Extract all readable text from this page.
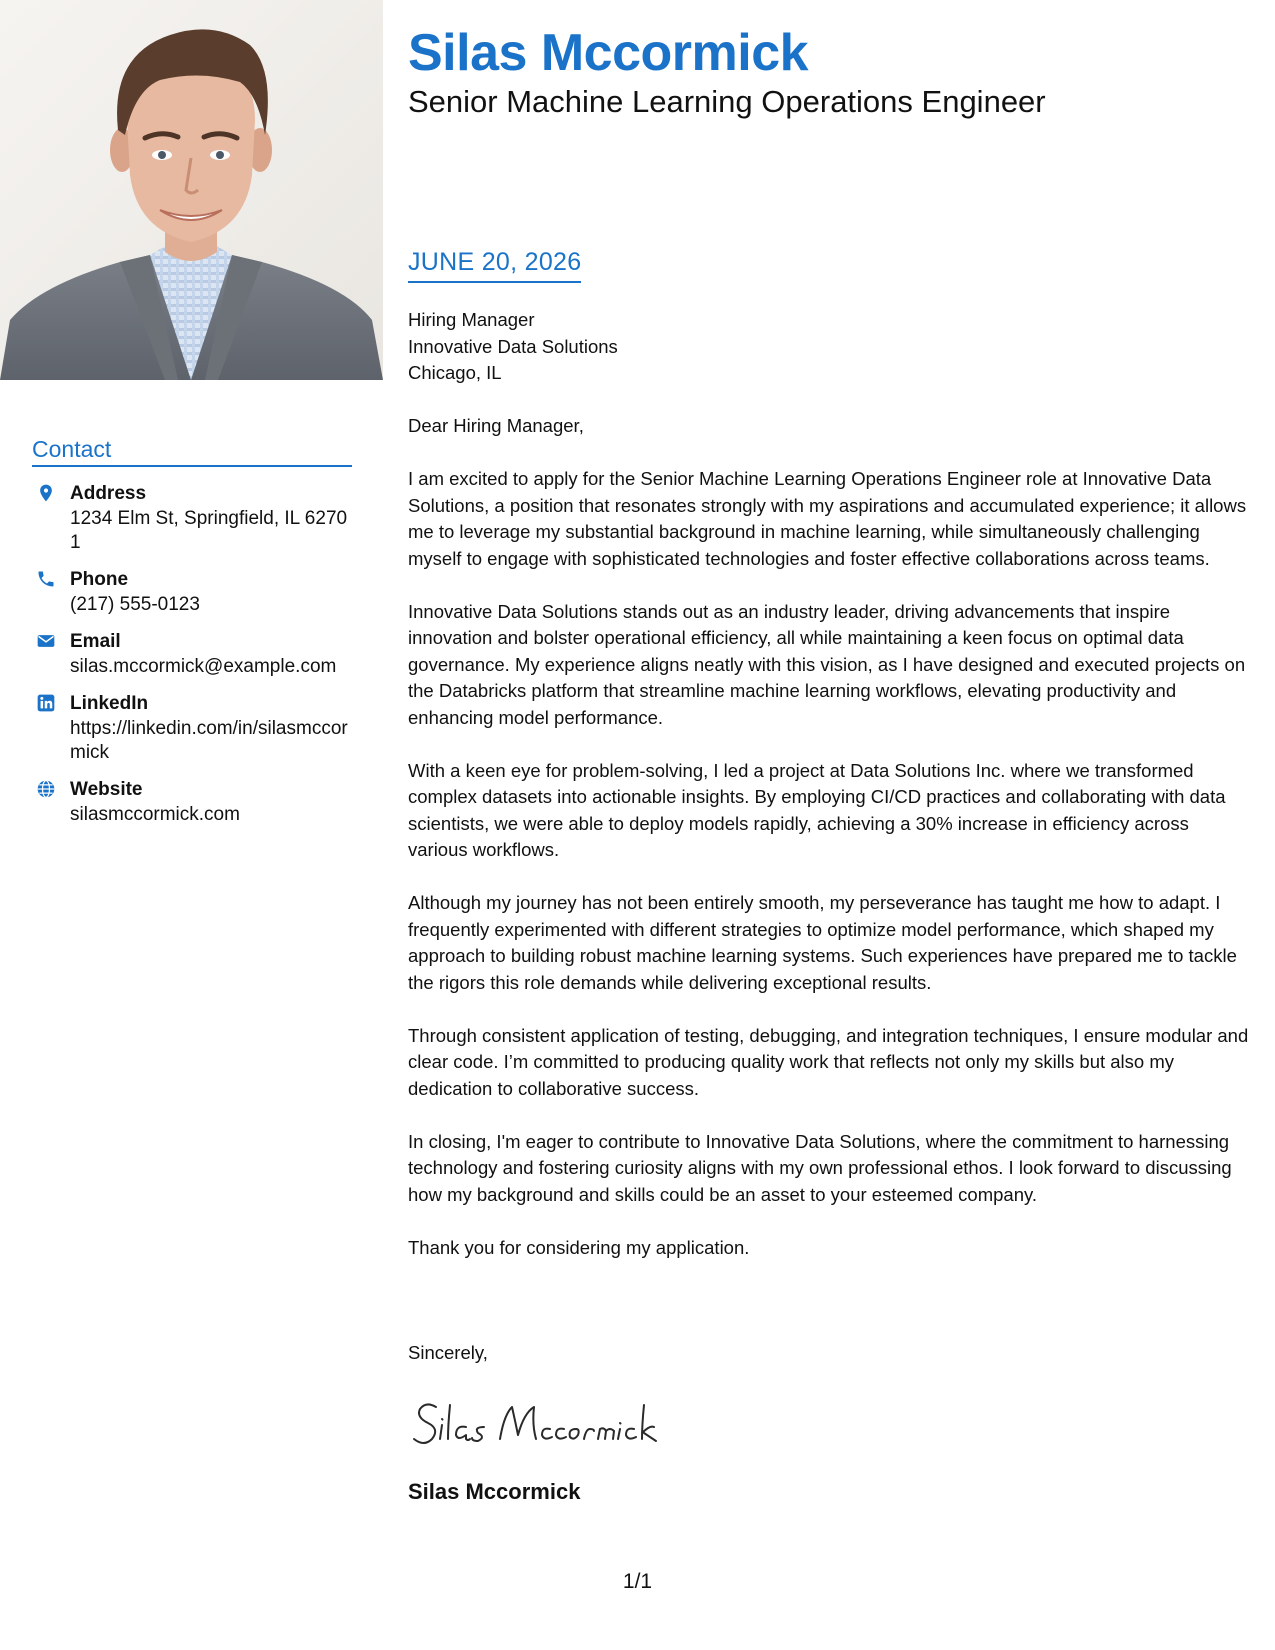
Contact
Address
1234 Elm St, Springfield, IL 62701
Phone
(217) 555-0123
Email
silas.mccormick@example.com
LinkedIn
https://linkedin.com/in/silasmccormick
Website
silasmccormick.com
Silas Mccormick
Senior Machine Learning Operations Engineer
JUNE 20, 2026
Hiring Manager
Innovative Data Solutions
Chicago, IL

Dear Hiring Manager,

I am excited to apply for the Senior Machine Learning Operations Engineer role at Innovative Data Solutions, a position that resonates strongly with my aspirations and accumulated experience; it allows me to leverage my substantial background in machine learning, while simultaneously challenging myself to engage with sophisticated technologies and foster effective collaborations across teams.

Innovative Data Solutions stands out as an industry leader, driving advancements that inspire innovation and bolster operational efficiency, all while maintaining a keen focus on optimal data governance. My experience aligns neatly with this vision, as I have designed and executed projects on the Databricks platform that streamline machine learning workflows, elevating productivity and enhancing model performance.

With a keen eye for problem-solving, I led a project at Data Solutions Inc. where we transformed complex datasets into actionable insights. By employing CI/CD practices and collaborating with data scientists, we were able to deploy models rapidly, achieving a 30% increase in efficiency across various workflows.

Although my journey has not been entirely smooth, my perseverance has taught me how to adapt. I frequently experimented with different strategies to optimize model performance, which shaped my approach to building robust machine learning systems. Such experiences have prepared me to tackle the rigors this role demands while delivering exceptional results.

Through consistent application of testing, debugging, and integration techniques, I ensure modular and clear code. I’m committed to producing quality work that reflects not only my skills but also my dedication to collaborative success.

In closing, I'm eager to contribute to Innovative Data Solutions, where the commitment to harnessing technology and fostering curiosity aligns with my own professional ethos. I look forward to discussing how my background and skills could be an asset to your esteemed company.

Thank you for considering my application.

Sincerely,
Silas Mccormick
1/1
